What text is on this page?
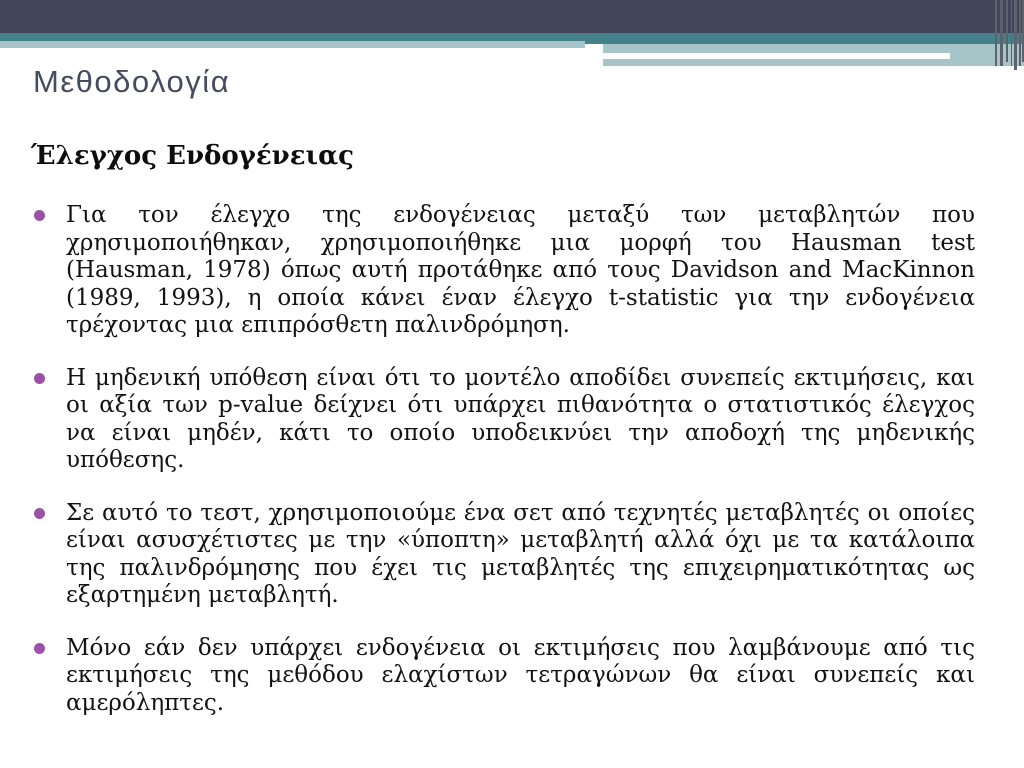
Μεθοδολογία
Έλεγχος Ενδογένειας
Για τον έλεγχο της ενδογένειας μεταξύ των μεταβλητών που χρησιμοποιήθηκαν, χρησιμοποιήθηκε μια μορφή του Hausman test (Hausman, 1978) όπως αυτή προτάθηκε από τους Davidson and MacKinnon (1989, 1993), η οποία κάνει έναν έλεγχο t-statistic για την ενδογένεια τρέχοντας μια επιπρόσθετη παλινδρόμηση.
Η μηδενική υπόθεση είναι ότι το μοντέλο αποδίδει συνεπείς εκτιμήσεις, και οι αξία των p-value δείχνει ότι υπάρχει πιθανότητα ο στατιστικός έλεγχος να είναι μηδέν, κάτι το οποίο υποδεικνύει την αποδοχή της μηδενικής υπόθεσης.
Σε αυτό το τεστ, χρησιμοποιούμε ένα σετ από τεχνητές μεταβλητές οι οποίες είναι ασυσχέτιστες με την «ύποπτη» μεταβλητή αλλά όχι με τα κατάλοιπα της παλινδρόμησης που έχει τις μεταβλητές της επιχειρηματικότητας ως εξαρτημένη μεταβλητή.
Μόνο εάν δεν υπάρχει ενδογένεια οι εκτιμήσεις που λαμβάνουμε από τις εκτιμήσεις της μεθόδου ελαχίστων τετραγώνων θα είναι συνεπείς και αμερόληπτες.
